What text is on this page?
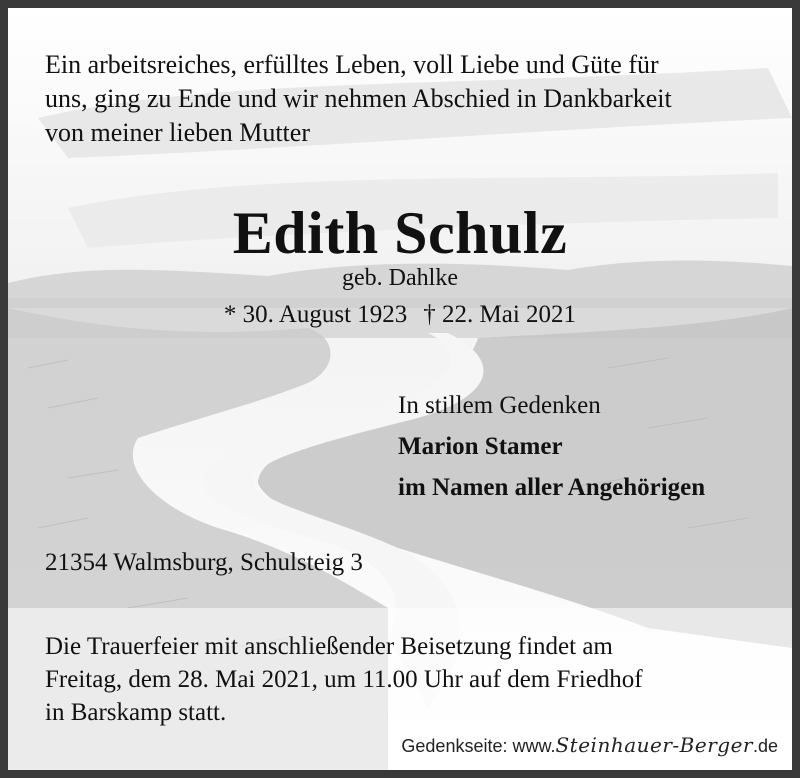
Ein arbeitsreiches, erfülltes Leben, voll Liebe und Güte für
uns, ging zu Ende und wir nehmen Abschied in Dankbarkeit
von meiner lieben Mutter
Edith Schulz
geb. Dahlke
* 30. August 1923 † 22. Mai 2021
In stillem Gedenken
Marion Stamer
im Namen aller Angehörigen
21354 Walmsburg, Schulsteig 3
Die Trauerfeier mit anschließender Beisetzung findet am
Freitag, dem 28. Mai 2021, um 11.00 Uhr auf dem Friedhof
in Barskamp statt.
Gedenkseite: www.Steinhauer-Berger.de
